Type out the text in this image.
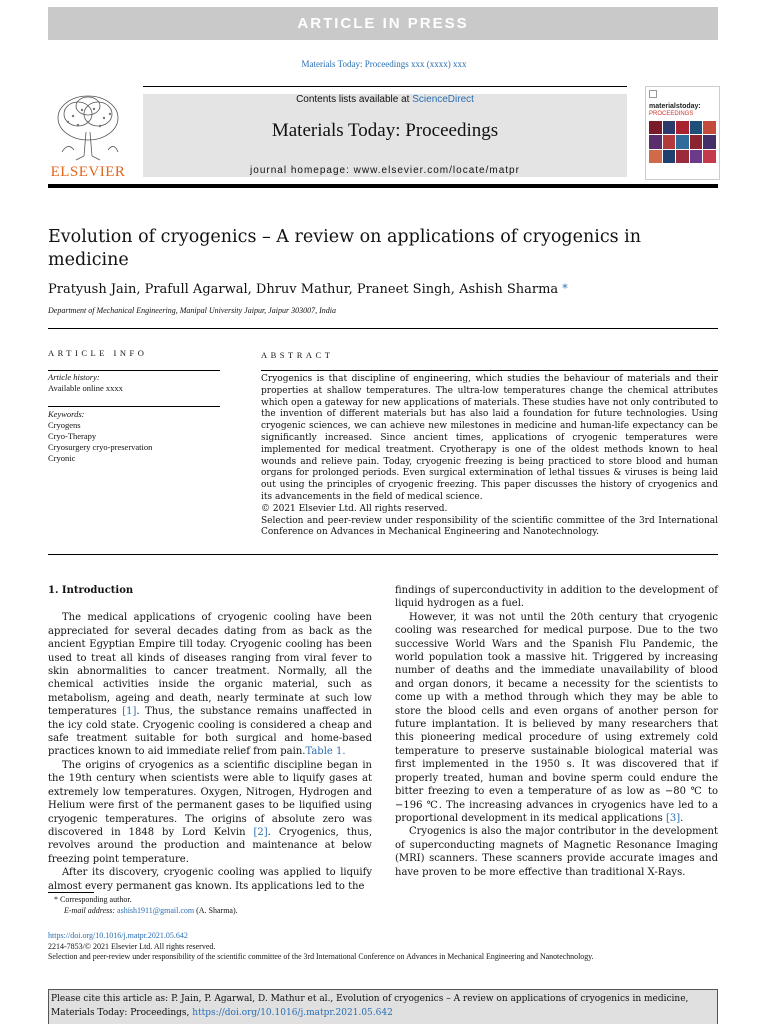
ARTICLE IN PRESS
Materials Today: Proceedings xxx (xxxx) xxx
ELSEVIER
Contents lists available at ScienceDirect
Materials Today: Proceedings
journal homepage: www.elsevier.com/locate/matpr
materialstoday:
PROCEEDINGS
Evolution of cryogenics – A review on applications of cryogenics in medicine
Pratyush Jain, Prafull Agarwal, Dhruv Mathur, Praneet Singh, Ashish Sharma *
Department of Mechanical Engineering, Manipal University Jaipur, Jaipur 303007, India
ARTICLE INFO
Article history:
Available online xxxx
Keywords:
Cryogens
Cryo-Therapy
Cryosurgery cryo-preservation
Cryonic
ABSTRACT

Cryogenics is that discipline of engineering, which studies the behaviour of materials and their properties at shallow temperatures. The ultra-low temperatures change the chemical attributes which open a gateway for new applications of materials. These studies have not only contributed to the invention of different materials but has also laid a foundation for future technologies. Using cryogenic sciences, we can achieve new milestones in medicine and human-life expectancy can be significantly increased. Since ancient times, applications of cryogenic temperatures were implemented for medical treatment. Cryotherapy is one of the oldest methods known to heal wounds and relieve pain. Today, cryogenic freezing is being practiced to store blood and human organs for prolonged periods. Even surgical extermination of lethal tissues & viruses is being laid out using the principles of cryogenic freezing. This paper discusses the history of cryogenics and its advancements in the field of medical science.

© 2021 Elsevier Ltd. All rights reserved.

Selection and peer-review under responsibility of the scientific committee of the 3rd International Conference on Advances in Mechanical Engineering and Nanotechnology.

1. Introduction

The medical applications of cryogenic cooling have been appreciated for several decades dating from as back as the ancient Egyptian Empire till today. Cryogenic cooling has been used to treat all kinds of diseases ranging from viral fever to skin abnormalities to cancer treatment. Normally, all the chemical activities inside the organic material, such as metabolism, ageing and death, nearly terminate at such low temperatures [1]. Thus, the substance remains unaffected in the icy cold state. Cryogenic cooling is considered a cheap and safe treatment suitable for both surgical and home-based practices known to aid immediate relief from pain.Table 1.

The origins of cryogenics as a scientific discipline began in the 19th century when scientists were able to liquify gases at extremely low temperatures. Oxygen, Nitrogen, Hydrogen and Helium were first of the permanent gases to be liquified using cryogenic temperatures. The origins of absolute zero was discovered in 1848 by Lord Kelvin [2]. Cryogenics, thus, revolves around the production and maintenance at below freezing point temperature.

After its discovery, cryogenic cooling was applied to liquify almost every permanent gas known. Its applications led to the

findings of superconductivity in addition to the development of liquid hydrogen as a fuel.

However, it was not until the 20th century that cryogenic cooling was researched for medical purpose. Due to the two successive World Wars and the Spanish Flu Pandemic, the world population took a massive hit. Triggered by increasing number of deaths and the immediate unavailability of blood and organ donors, it became a necessity for the scientists to come up with a method through which they may be able to store the blood cells and even organs of another person for future implantation. It is believed by many researchers that this pioneering medical procedure of using extremely cold temperature to preserve sustainable biological material was first implemented in the 1950 s. It was discovered that if properly treated, human and bovine sperm could endure the bitter freezing to even a temperature of as low as −80 ℃ to −196 ℃. The increasing advances in cryogenics have led to a proportional development in its medical applications [3].

Cryogenics is also the major contributor in the development of superconducting magnets of Magnetic Resonance Imaging (MRI) scanners. These scanners provide accurate images and have proven to be more effective than traditional X-Rays.

* Corresponding author.
E-mail address: ashish1911@gmail.com (A. Sharma).
https://doi.org/10.1016/j.matpr.2021.05.642
2214-7853/© 2021 Elsevier Ltd. All rights reserved.
Selection and peer-review under responsibility of the scientific committee of the 3rd International Conference on Advances in Mechanical Engineering and Nanotechnology.
Please cite this article as: P. Jain, P. Agarwal, D. Mathur et al., Evolution of cryogenics – A review on applications of cryogenics in medicine, Materials Today: Proceedings, https://doi.org/10.1016/j.matpr.2021.05.642
